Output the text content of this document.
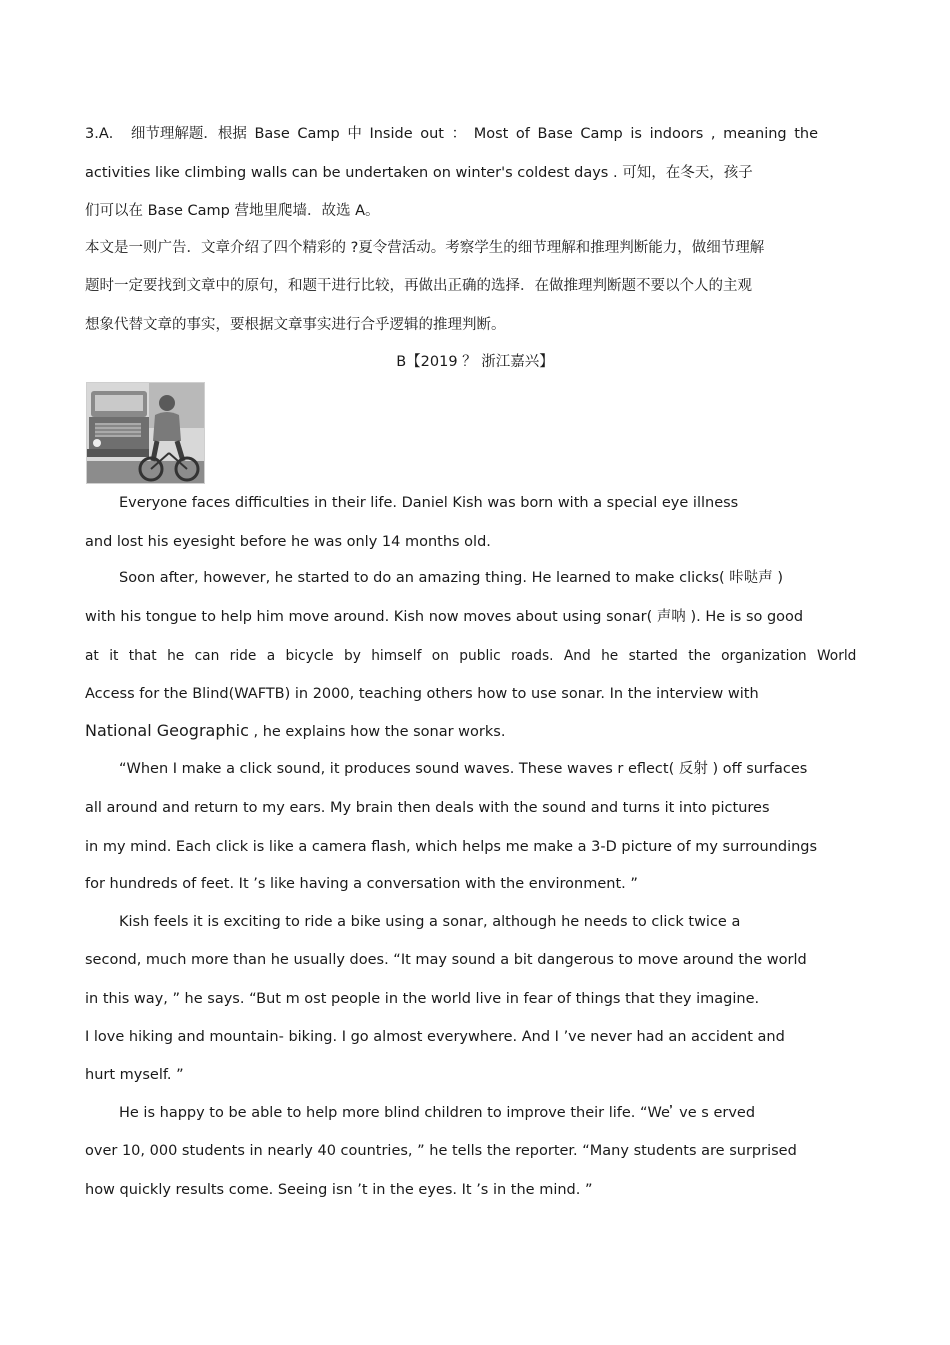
3.A． 细节理解题．根据 Base Camp 中 Inside out ： Most of Base Camp is indoors , meaning the
activities like climbing walls can be undertaken on winter's coldest days . 可知，在冬天，孩子
们可以在 Base Camp 营地里爬墙．故选 A。
本文是一则广告．文章介绍了四个精彩的 ?夏令营活动。考察学生的细节理解和推理判断能力，做细节理解
题时一定要找到文章中的原句，和题干进行比较，再做出正确的选择．在做推理判断题不要以个人的主观
想象代替文章的事实，要根据文章事实进行合乎逻辑的推理判断。
B【2019 ？ 浙江嘉兴】
Everyone faces difficulties in their life. Daniel Kish was born with a special eye illness
and lost his eyesight before he was only 14 months old.
Soon after, however, he started to do an amazing thing. He learned to make clicks( 咔哒声 )
with his tongue to help him move around. Kish now moves about using sonar( 声呐 ). He is so good
at it that he can ride a bicycle by himself on public roads. And he started the organization World
Access for the Blind(WAFTB) in 2000, teaching others how to use sonar. In the interview with
National Geographic , he explains how the sonar works.
“When I make a click sound, it produces sound waves. These waves r eflect( 反射 ) off surfaces
all around and return to my ears. My brain then deals with the sound and turns it into pictures
in my mind. Each click is like a camera flash, which helps me make a 3-D picture of my surroundings
for hundreds of feet. It ’s like having a conversation with the environment. ”
Kish feels it is exciting to ride a bike using a sonar, although he needs to click twice a
second, much more than he usually does. “It may sound a bit dangerous to move around the world
in this way, ” he says. “But m ost people in the world live in fear of things that they imagine.
I love hiking and mountain- biking. I go almost everywhere. And I ’ve never had an accident and
hurt myself. ”
He is happy to be able to help more blind children to improve their life. “We ̓ ve s erved
over 10, 000 students in nearly 40 countries, ” he tells the reporter. “Many students are surprised
how quickly results come. Seeing isn ’t in the eyes. It ’s in the mind. ”
